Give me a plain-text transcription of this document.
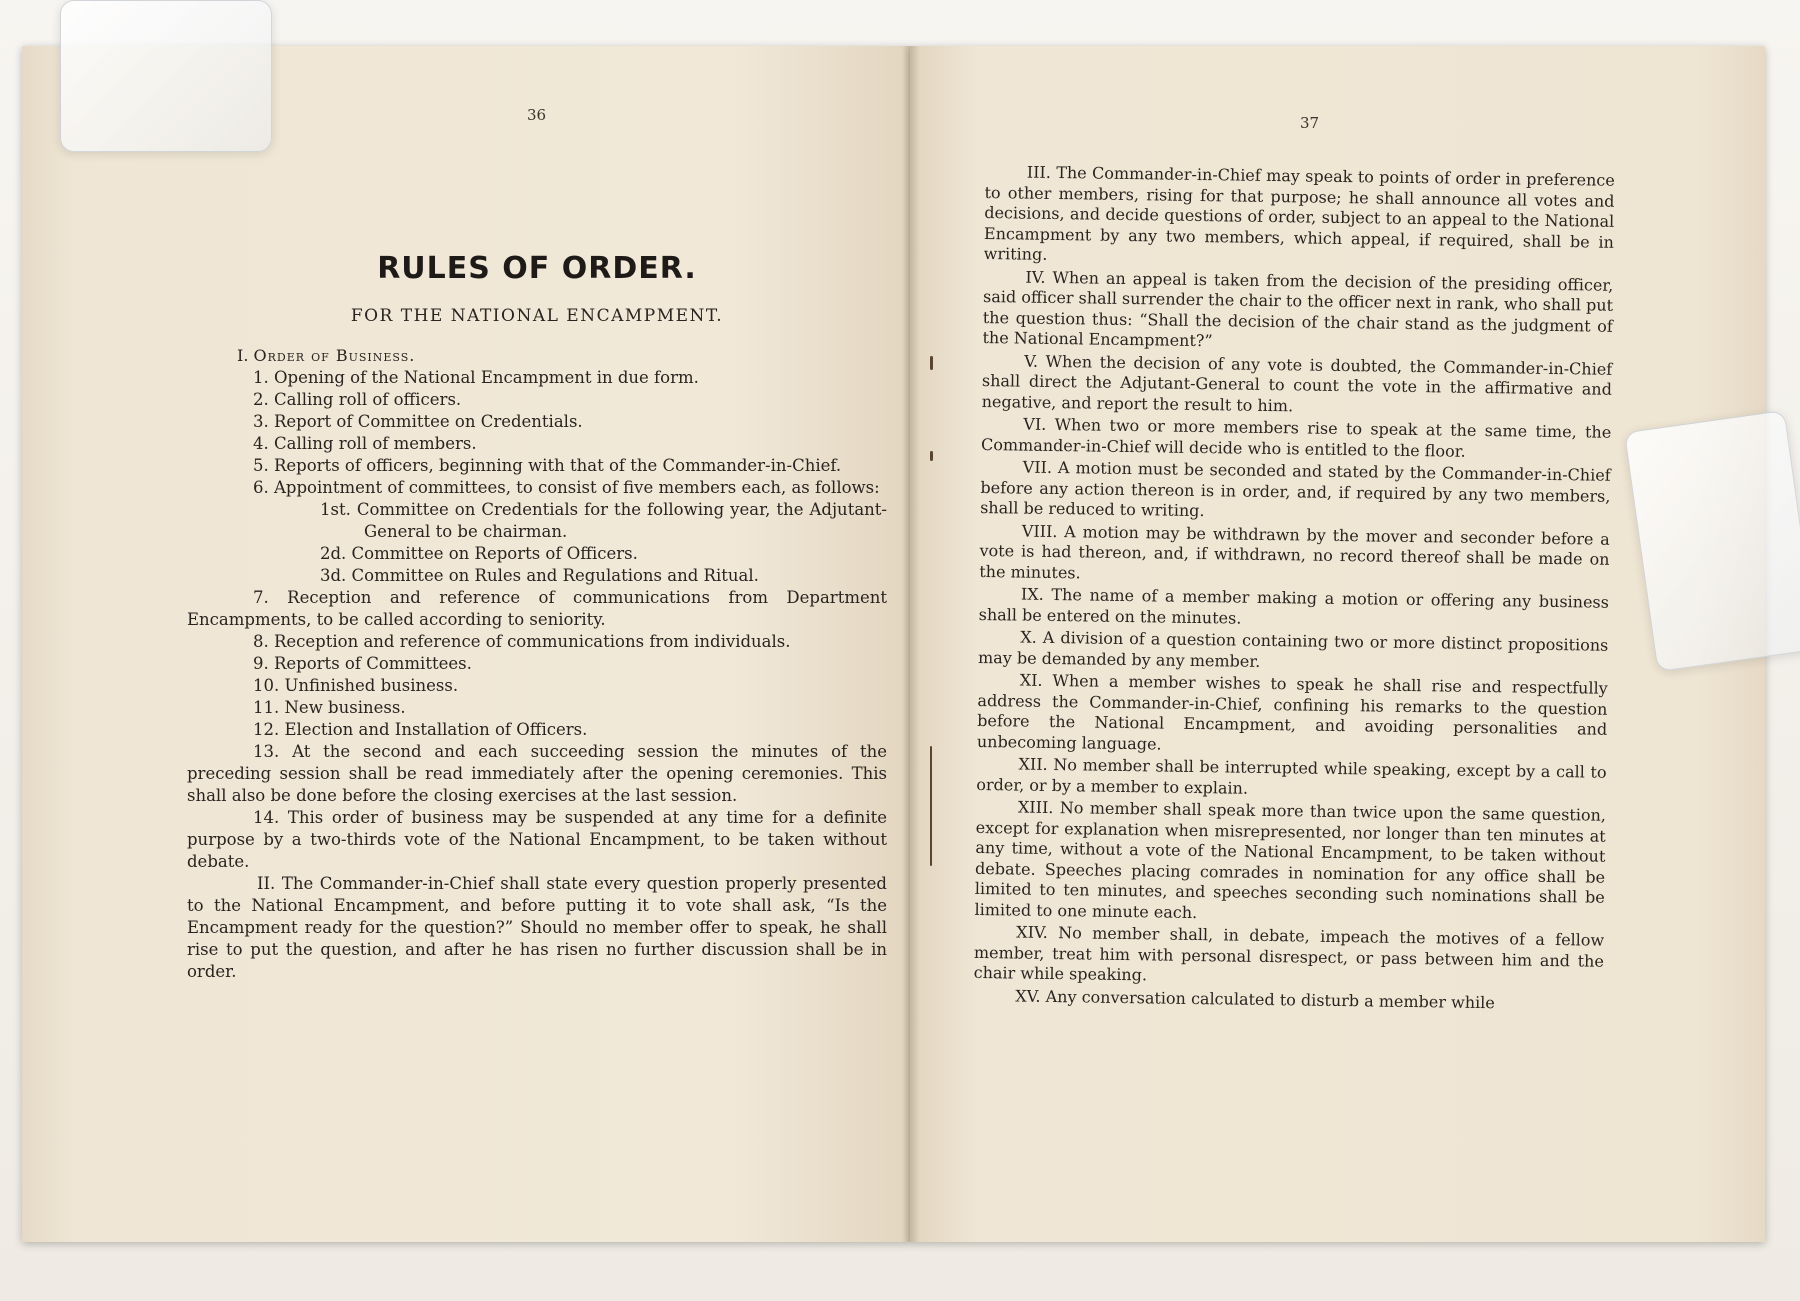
36
RULES OF ORDER.
FOR THE NATIONAL ENCAMPMENT.
I. Order of Business.

1. Opening of the National Encampment in due form.

2. Calling roll of officers.

3. Report of Committee on Credentials.

4. Calling roll of members.

5. Reports of officers, beginning with that of the Commander-in-Chief.

6. Appointment of committees, to consist of five members each, as follows:

1st. Committee on Credentials for the following year, the Adjutant-General to be chairman.

2d. Committee on Reports of Officers.

3d. Committee on Rules and Regulations and Ritual.

7. Reception and reference of communications from Department Encampments, to be called according to seniority.

8. Reception and reference of communications from individuals.

9. Reports of Committees.

10. Unfinished business.

11. New business.

12. Election and Installation of Officers.

13. At the second and each succeeding session the minutes of the preceding session shall be read immediately after the opening ceremonies. This shall also be done before the closing exercises at the last session.

14. This order of business may be suspended at any time for a definite purpose by a two-thirds vote of the National Encampment, to be taken without debate.

II. The Commander-in-Chief shall state every question properly presented to the National Encampment, and before putting it to vote shall ask, “Is the Encampment ready for the question?” Should no member offer to speak, he shall rise to put the question, and after he has risen no further discussion shall be in order.

37

III. The Commander-in-Chief may speak to points of order in preference to other members, rising for that purpose; he shall announce all votes and decisions, and decide questions of order, subject to an appeal to the National Encampment by any two members, which appeal, if required, shall be in writing.

IV. When an appeal is taken from the decision of the presiding officer, said officer shall surrender the chair to the officer next in rank, who shall put the question thus: “Shall the decision of the chair stand as the judgment of the National Encampment?”

V. When the decision of any vote is doubted, the Commander-in-Chief shall direct the Adjutant-General to count the vote in the affirmative and negative, and report the result to him.

VI. When two or more members rise to speak at the same time, the Commander-in-Chief will decide who is entitled to the floor.

VII. A motion must be seconded and stated by the Commander-in-Chief before any action thereon is in order, and, if required by any two members, shall be reduced to writing.

VIII. A motion may be withdrawn by the mover and seconder before a vote is had thereon, and, if withdrawn, no record thereof shall be made on the minutes.

IX. The name of a member making a motion or offering any business shall be entered on the minutes.

X. A division of a question containing two or more distinct propositions may be demanded by any member.

XI. When a member wishes to speak he shall rise and respectfully address the Commander-in-Chief, confining his remarks to the question before the National Encampment, and avoiding personalities and unbecoming language.

XII. No member shall be interrupted while speaking, except by a call to order, or by a member to explain.

XIII. No member shall speak more than twice upon the same question, except for explanation when misrepresented, nor longer than ten minutes at any time, without a vote of the National Encampment, to be taken without debate. Speeches placing comrades in nomination for any office shall be limited to ten minutes, and speeches seconding such nominations shall be limited to one minute each.

XIV. No member shall, in debate, impeach the motives of a fellow member, treat him with personal disrespect, or pass between him and the chair while speaking.

XV. Any conversation calculated to disturb a member while
